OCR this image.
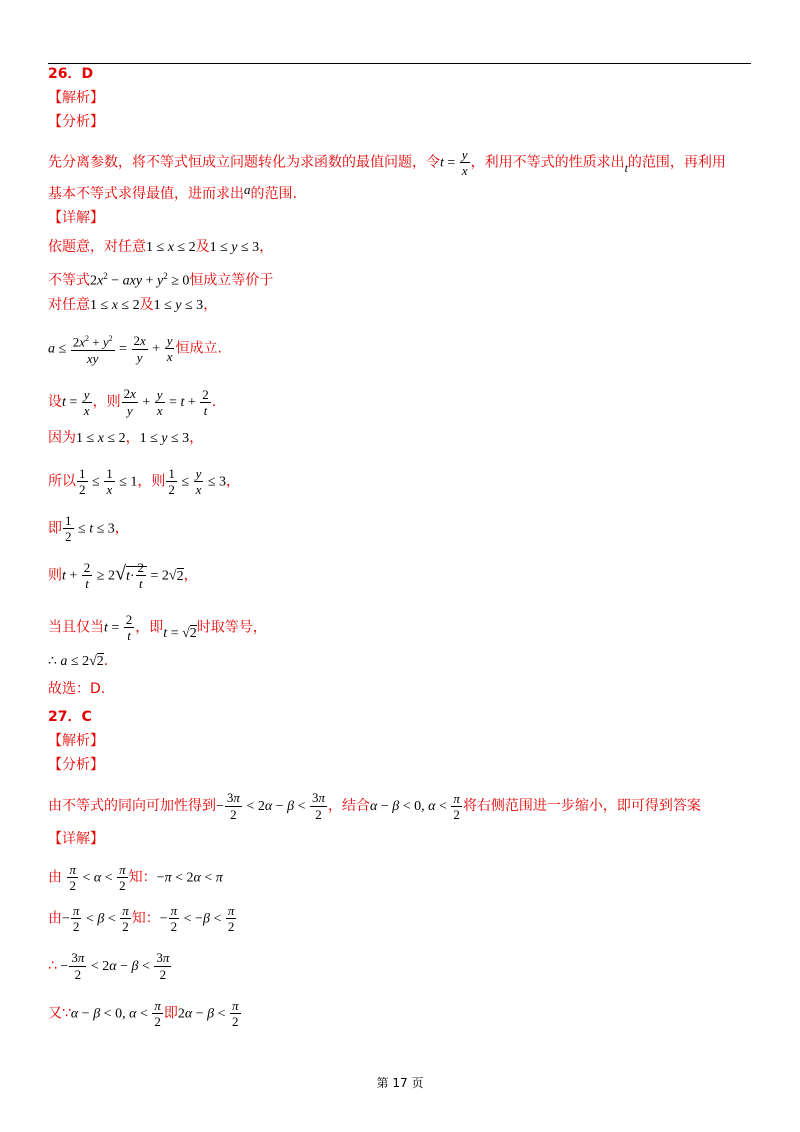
26．D
【解析】
【分析】
先分离参数，将不等式恒成立问题转化为求函数的最值问题，令$t = \frac{y}{x}$ ，利用不等式的性质求出t的范围，再利用
基本不等式求得最值，进而求出a的范围.
【详解】
依题意，对任意1 ≤ x ≤ 2及1 ≤ y ≤ 3，
不等式$2x^2$ − axy + $y^2 \ge 0$恒成立等价于
对任意1 ≤ x ≤ 2及1 ≤ y ≤ 3，
$a \le \frac{2x^2 + y^2}{xy} = \frac{2x}{y} + \frac{y}{x}$ 恒成立.
设$t = \frac{y}{x}$ ，则 $\frac{2x}{y} + \frac{y}{x} = t + \frac{2}{t}$ .
因为1 ≤ x ≤ 2，1 ≤ y ≤ 3，
所以 $\frac{1}{2} \le \frac{1}{x} \le 1$，则 $\frac{1}{2} \le \frac{y}{x} \le 3$，
即 $\frac{1}{2} \le t \le 3$，
则$t + \frac{2}{t} \ge 2√t\cdot \frac{2}{t} = 2√2$，
当且仅当$t = \frac{2}{t}$ ，即t = √2时取等号，
∴ a ≤ 2√2.
故选：D.
27．C
【解析】
【分析】
由不等式的同向可加性得到− $\frac{3\pi}{2} < 2\alpha - \beta < \frac{3\pi}{2}$ ，结合α − β < 0, $\alpha < \frac{\pi}{2}$ 将右侧范围进一步缩小，即可得到答案
【详解】
由 $\frac{\pi}{2} < \alpha < \frac{\pi}{2}$ 知：−π < 2α < π
由− $\frac{\pi}{2} < \beta < \frac{\pi}{2}$ 知：− $\frac{\pi}{2} < -\beta < \frac{\pi}{2}$
∴ − $\frac{3\pi}{2} < 2\alpha - \beta < \frac{3\pi}{2}$
又∵α − β < 0, $\alpha < \frac{\pi}{2}$ 即$2\alpha - \beta < \frac{\pi}{2}$
第 17 页
